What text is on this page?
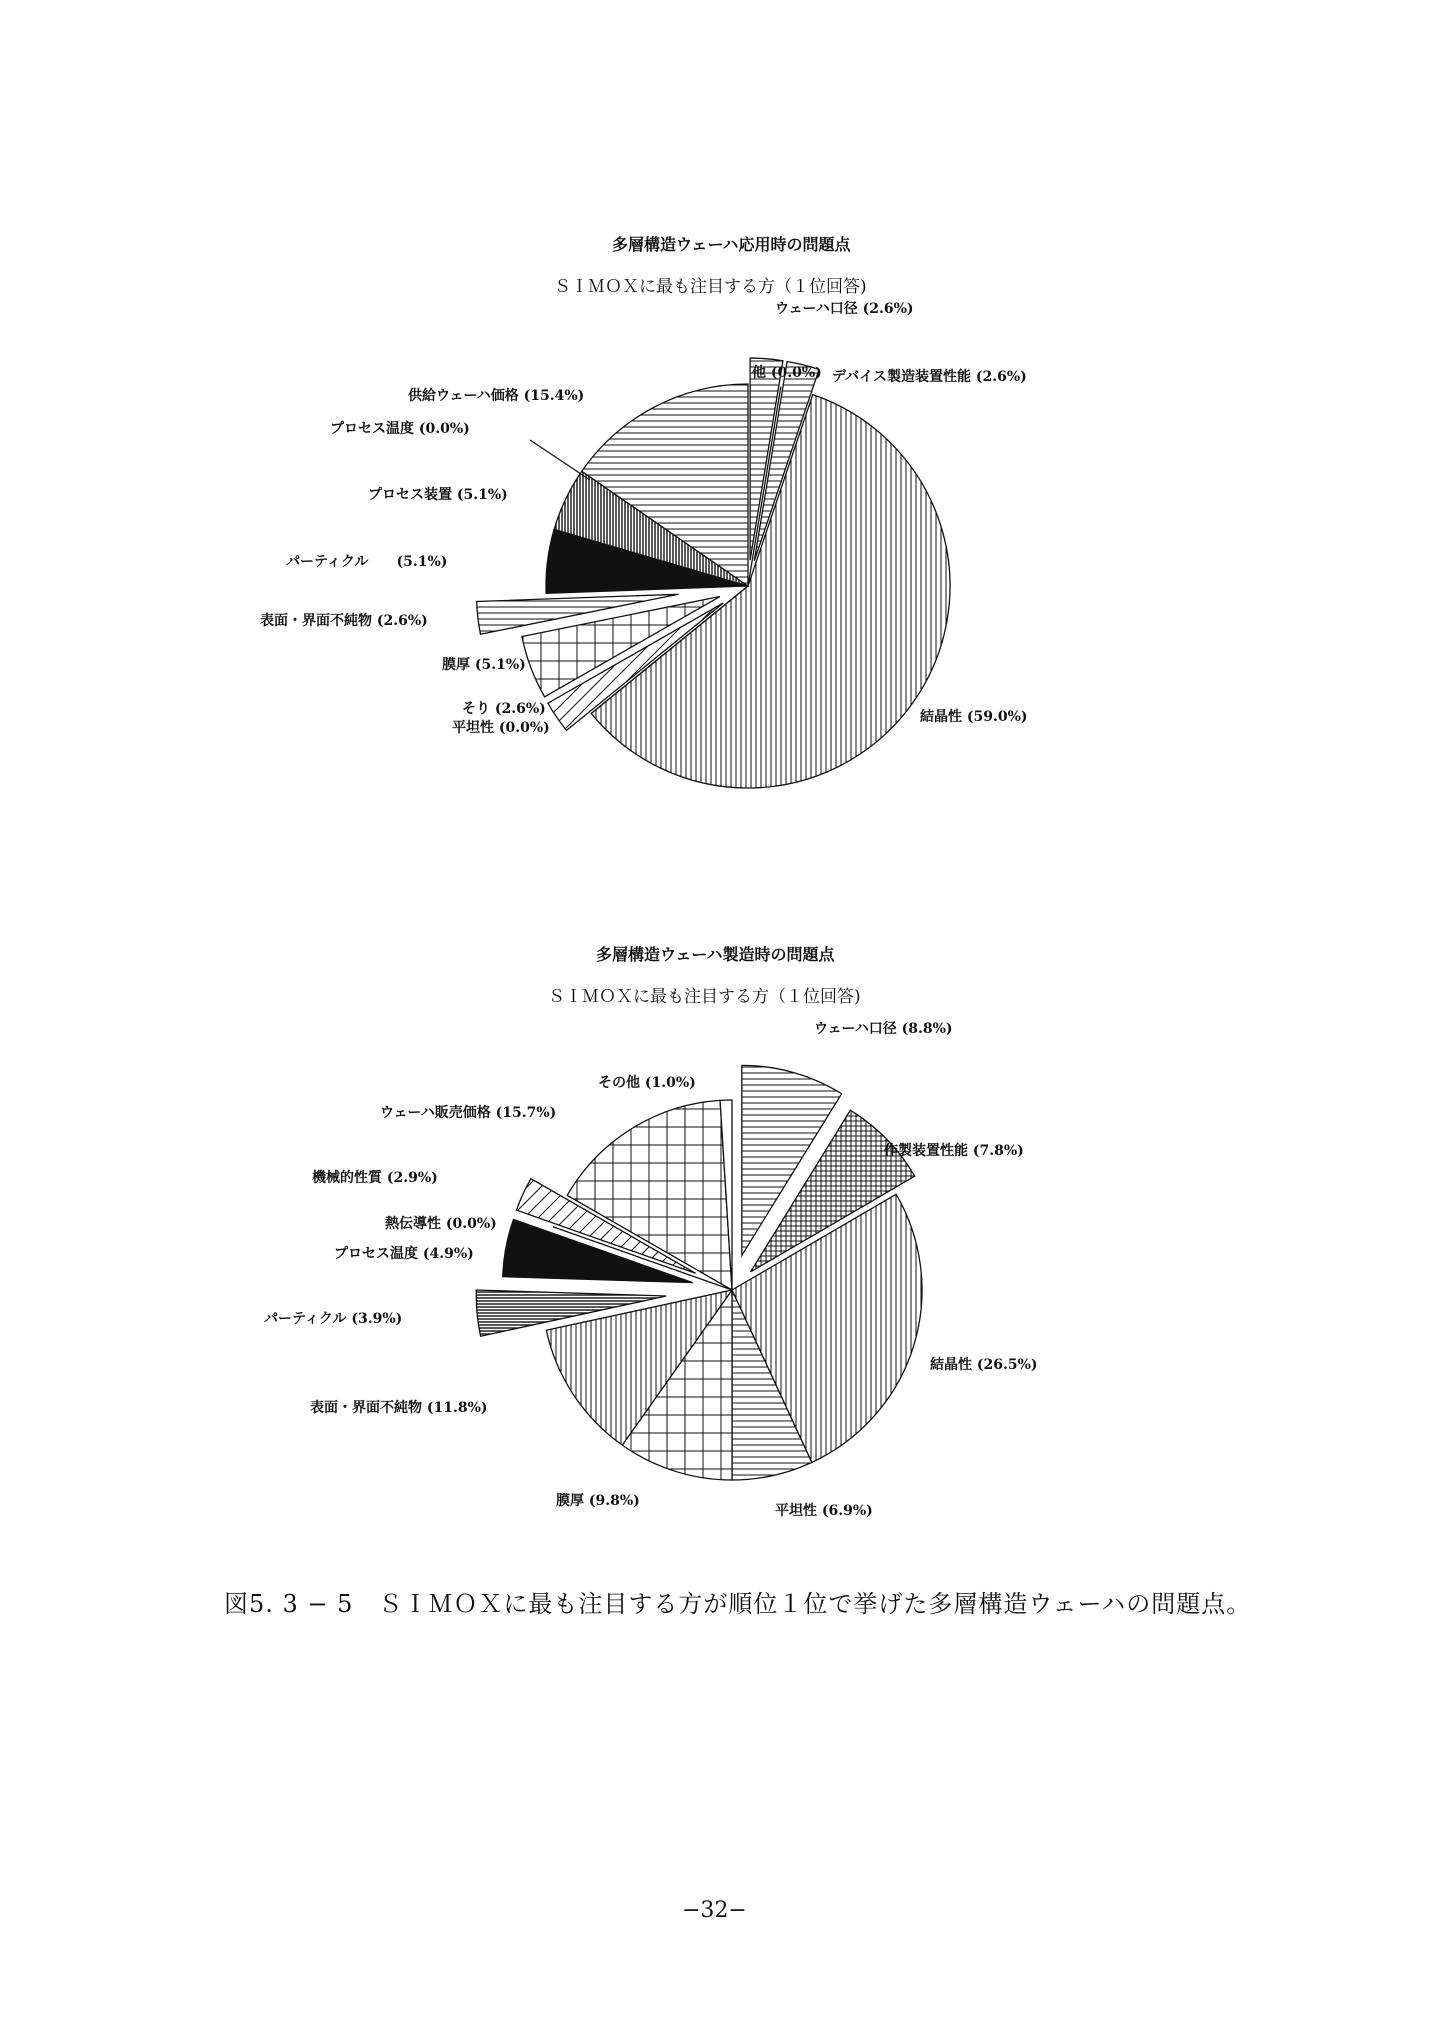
多層構造ウェーハ応用時の問題点
ＳＩＭＯＸに最も注目する方（１位回答)
ウェーハ口径 (2.6%)
他 (0.0%) デバイス製造装置性能 (2.6%)
結晶性 (59.0%)
平坦性 (0.0%)
そり (2.6%)
膜厚 (5.1%)
表面・界面不純物 (2.6%)
パーティクル　　(5.1%)
プロセス装置 (5.1%)
プロセス温度 (0.0%)
供給ウェーハ価格 (15.4%)
多層構造ウェーハ製造時の問題点
ＳＩＭＯＸに最も注目する方（１位回答)
ウェーハ口径 (8.8%)
作製装置性能 (7.8%)
結晶性 (26.5%)
平坦性 (6.9%)
膜厚 (9.8%)
表面・界面不純物 (11.8%)
パーティクル (3.9%)
プロセス温度 (4.9%)
熱伝導性 (0.0%)
機械的性質 (2.9%)
ウェーハ販売価格 (15.7%)
その他 (1.0%)
図5. 3 − 5　ＳＩＭＯＸに最も注目する方が順位１位で挙げた多層構造ウェーハの問題点。
−32−
